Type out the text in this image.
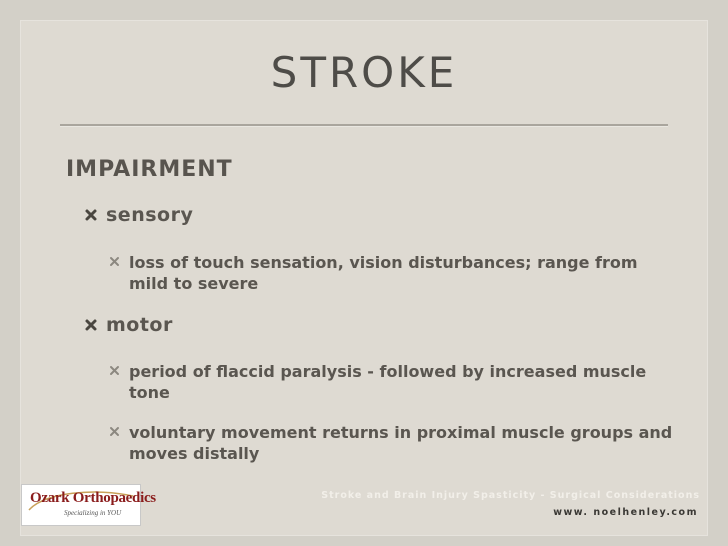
STROKE
IMPAIRMENT

sensory

loss of touch sensation, vision disturbances; range from mild to severe

motor

period of flaccid paralysis - followed by increased muscle tone

voluntary movement returns in proximal muscle groups and moves distally

Ozark Orthopaedics
Specializing in YOU

Stroke and Brain Injury Spasticity - Surgical Considerations

www. noelhenley.com
